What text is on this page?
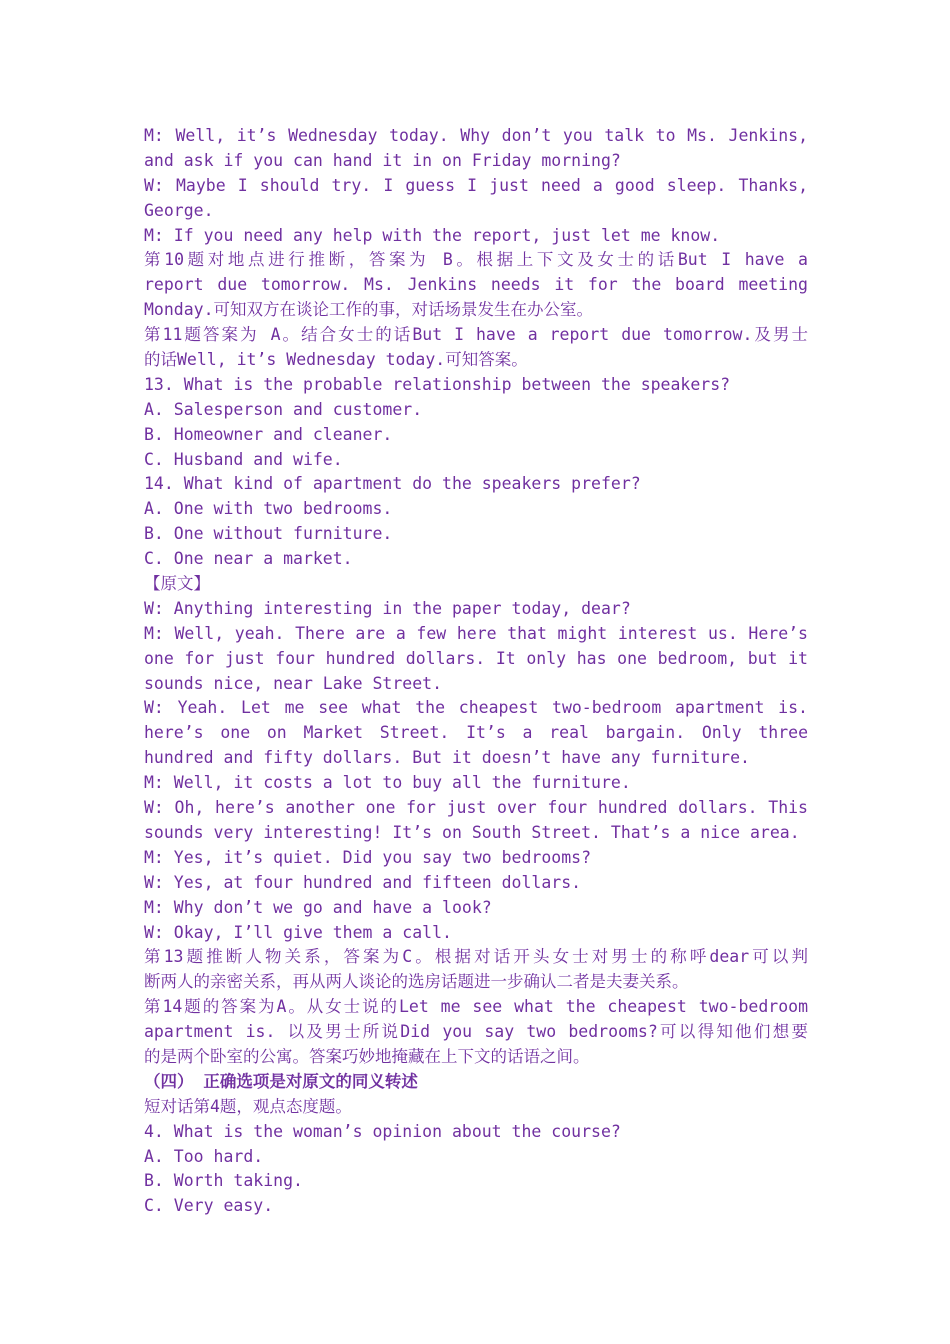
M: Well, it’s Wednesday today. Why don’t you talk to Ms. Jenkins,
and ask if you can hand it in on Friday morning?
W: Maybe I should try. I guess I just need a good sleep. Thanks,
George.
M: If you need any help with the report, just let me know.
第10题对地点进行推断，答案为 B。根据上下文及女士的话But I have a
report due tomorrow. Ms. Jenkins needs it for the board meeting
Monday.可知双方在谈论工作的事，对话场景发生在办公室。
第11题答案为 A。结合女士的话But I have a report due tomorrow.及男士
的话Well, it’s Wednesday today.可知答案。
13. What is the probable relationship between the speakers?
A. Salesperson and customer.
B. Homeowner and cleaner.
C. Husband and wife.
14. What kind of apartment do the speakers prefer?
A. One with two bedrooms.
B. One without furniture.
C. One near a market.
【原文】
W: Anything interesting in the paper today, dear?
M: Well, yeah. There are a few here that might interest us. Here’s
one for just four hundred dollars. It only has one bedroom, but it
sounds nice, near Lake Street.
W: Yeah. Let me see what the cheapest two-bedroom apartment is.
here’s one on Market Street. It’s a real bargain. Only three
hundred and fifty dollars. But it doesn’t have any furniture.
M: Well, it costs a lot to buy all the furniture.
W: Oh, here’s another one for just over four hundred dollars. This
sounds very interesting! It’s on South Street. That’s a nice area.
M: Yes, it’s quiet. Did you say two bedrooms?
W: Yes, at four hundred and fifteen dollars.
M: Why don’t we go and have a look?
W: Okay, I’ll give them a call.
第13题推断人物关系，答案为C。根据对话开头女士对男士的称呼dear可以判
断两人的亲密关系，再从两人谈论的选房话题进一步确认二者是夫妻关系。
第14题的答案为A。从女士说的Let me see what the cheapest two-bedroom
apartment is. 以及男士所说Did you say two bedrooms?可以得知他们想要
的是两个卧室的公寓。答案巧妙地掩藏在上下文的话语之间。
（四） 正确选项是对原文的同义转述
短对话第4题，观点态度题。
4. What is the woman’s opinion about the course?
A. Too hard.
B. Worth taking.
C. Very easy.
